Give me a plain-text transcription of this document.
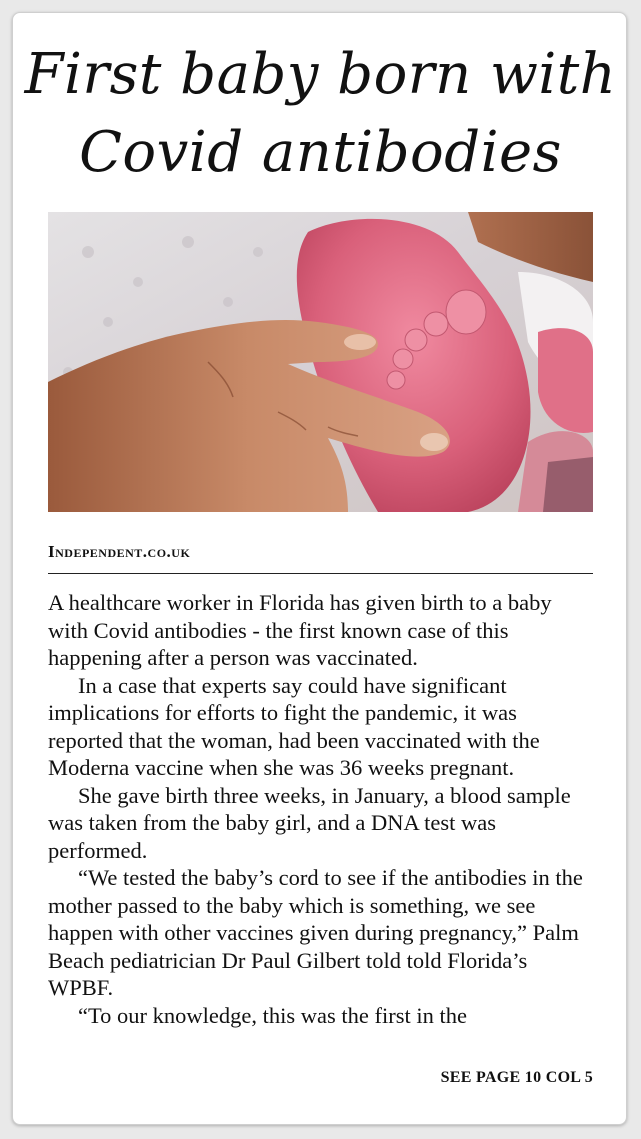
First baby born with
Covid antibodies
Independent.co.uk

A healthcare worker in Florida has given birth to a baby with Covid antibodies - the first known case of this happening after a person was vaccinated.

In a case that experts say could have significant implications for efforts to fight the pandemic, it was reported that the woman, had been vaccinated with the Moderna vaccine when she was 36 weeks pregnant.

She gave birth three weeks, in January, a blood sample was taken from the baby girl, and a DNA test was performed.

“We tested the baby’s cord to see if the antibodies in the mother passed to the baby which is something, we see happen with other vaccines given during pregnancy,” Palm Beach pediatrician Dr Paul Gilbert told told Florida’s WPBF.

“To our knowledge, this was the first in the

SEE PAGE 10 COL 5
